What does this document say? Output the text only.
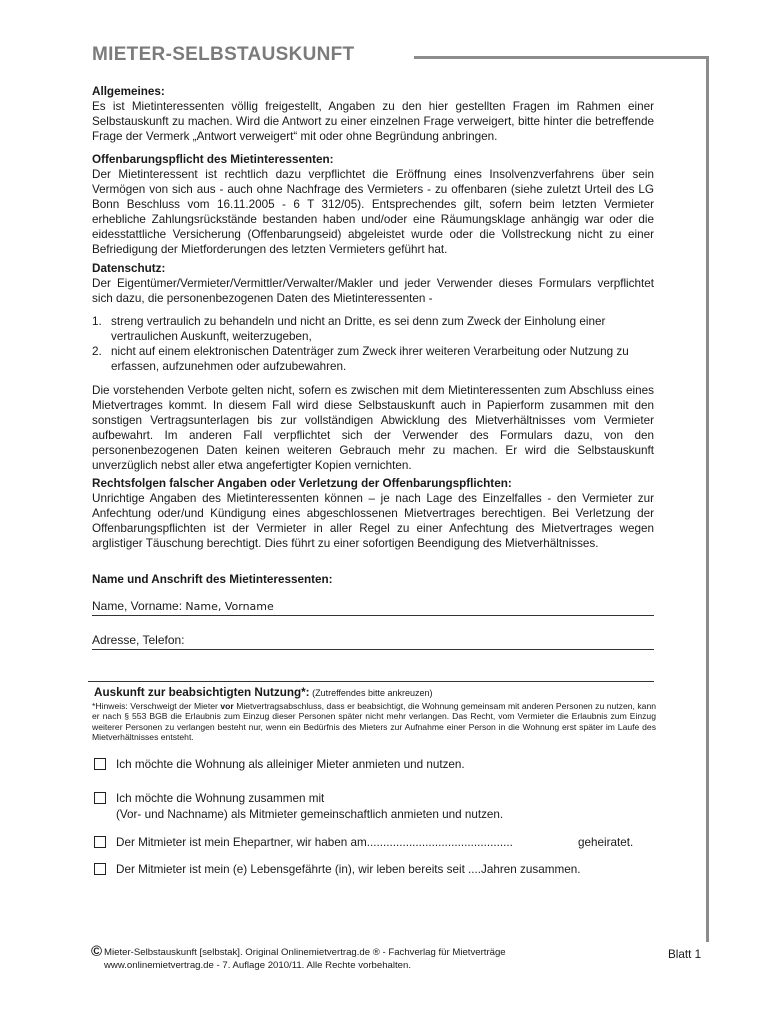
MIETER-SELBSTAUSKUNFT
Allgemeines:

Es ist Mietinteressenten völlig freigestellt, Angaben zu den hier gestellten Fragen im Rahmen einer Selbstauskunft zu machen. Wird die Antwort zu einer einzelnen Frage verweigert, bitte hinter die betreffende Frage der Vermerk „Antwort verweigert“ mit oder ohne Begründung anbringen.

Offenbarungspflicht des Mietinteressenten:

Der Mietinteressent ist rechtlich dazu verpflichtet die Eröffnung eines Insolvenzverfahrens über sein Vermögen von sich aus - auch ohne Nachfrage des Vermieters - zu offenbaren (siehe zuletzt Urteil des LG Bonn Beschluss vom 16.11.2005 - 6 T 312/05). Entsprechendes gilt, sofern beim letzten Vermieter erhebliche Zahlungsrückstände bestanden haben und/oder eine Räumungsklage anhängig war oder die eidesstattliche Versicherung (Offenbarungseid) abgeleistet wurde oder die Vollstreckung nicht zu einer Befriedigung der Mietforderungen des letzten Vermieters geführt hat.

Datenschutz:

Der Eigentümer/Vermieter/Vermittler/Verwalter/Makler und jeder Verwender dieses Formulars verpflichtet sich dazu, die personenbezogenen Daten des Mietinteressenten -

1. streng vertraulich zu behandeln und nicht an Dritte, es sei denn zum Zweck der Einholung einer vertraulichen Auskunft, weiterzugeben,
2. nicht auf einem elektronischen Datenträger zum Zweck ihrer weiteren Verarbeitung oder Nutzung zu erfassen, aufzunehmen oder aufzubewahren.

Die vorstehenden Verbote gelten nicht, sofern es zwischen mit dem Mietinteressenten zum Abschluss eines Mietvertrages kommt. In diesem Fall wird diese Selbstauskunft auch in Papierform zusammen mit den sonstigen Vertragsunterlagen bis zur vollständigen Abwicklung des Mietverhältnisses vom Vermieter aufbewahrt. Im anderen Fall verpflichtet sich der Verwender des Formulars dazu, von den personenbezogenen Daten keinen weiteren Gebrauch mehr zu machen. Er wird die Selbstauskunft unverzüglich nebst aller etwa angefertigter Kopien vernichten.

Rechtsfolgen falscher Angaben oder Verletzung der Offenbarungspflichten:

Unrichtige Angaben des Mietinteressenten können – je nach Lage des Einzelfalles - den Vermieter zur Anfechtung oder/und Kündigung eines abgeschlossenen Mietvertrages berechtigen. Bei Verletzung der Offenbarungspflichten ist der Vermieter in aller Regel zu einer Anfechtung des Mietvertrages wegen arglistiger Täuschung berechtigt. Dies führt zu einer sofortigen Beendigung des Mietverhältnisses.

Name und Anschrift des Mietinteressenten:
Name, Vorname: Name, Vorname
Adresse, Telefon:
Auskunft zur beabsichtigten Nutzung*: (Zutreffendes bitte ankreuzen)
*Hinweis: Verschweigt der Mieter vor Mietvertragsabschluss, dass er beabsichtigt, die Wohnung gemeinsam mit anderen Personen zu nutzen, kann er nach § 553 BGB die Erlaubnis zum Einzug dieser Personen später nicht mehr verlangen. Das Recht, vom Vermieter die Erlaubnis zum Einzug weiterer Personen zu verlangen besteht nur, wenn ein Bedürfnis des Mieters zur Aufnahme einer Person in die Wohnung erst später im Laufe des Mietverhältnisses entsteht.
Ich möchte die Wohnung als alleiniger Mieter anmieten und nutzen.
Ich möchte die Wohnung zusammen mit
(Vor- und Nachname) als Mitmieter gemeinschaftlich anmieten und nutzen.
Der Mitmieter ist mein Ehepartner, wir haben am.............................................	geheiratet.
Der Mitmieter ist mein (e) Lebensgefährte (in), wir leben bereits seit ....Jahren zusammen.
© Mieter-Selbstauskunft [selbstak]. Original Onlinemietvertrag.de ® - Fachverlag für Mietverträge
www.onlinemietvertrag.de - 7. Auflage 2010/11. Alle Rechte vorbehalten.
Blatt 1
